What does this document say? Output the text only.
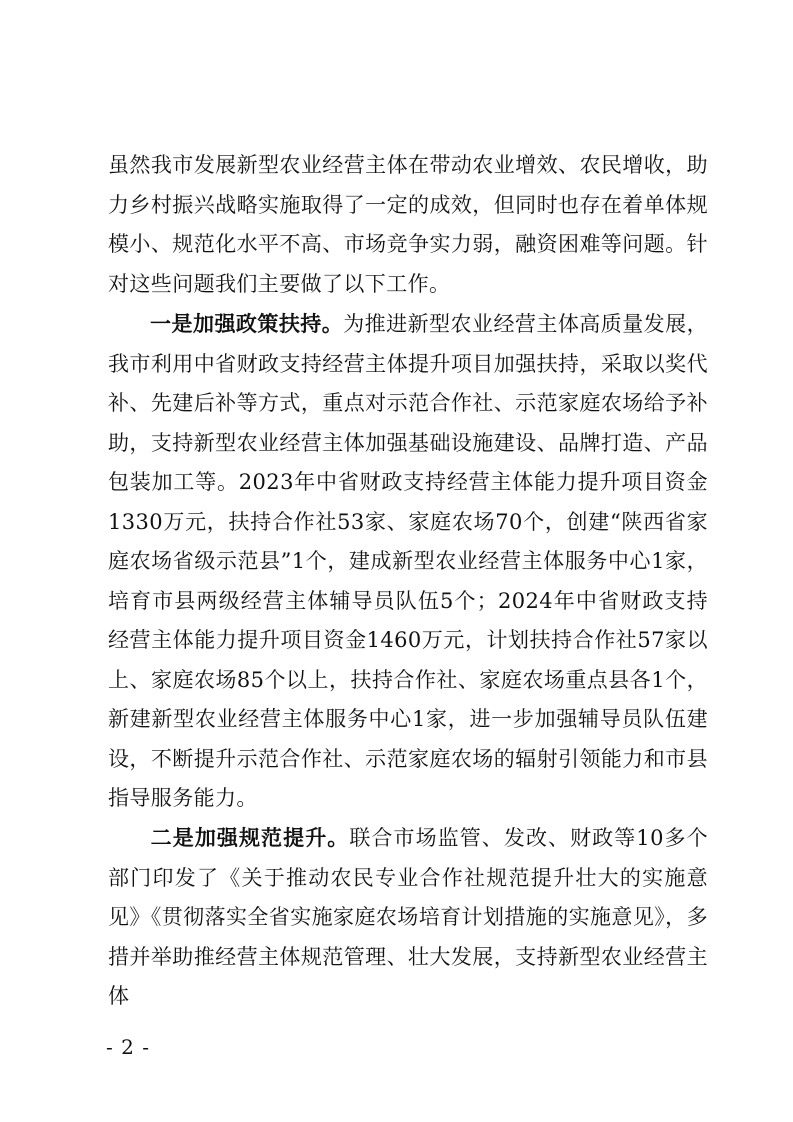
虽然我市发展新型农业经营主体在带动农业增效、农民增收，助力乡村振兴战略实施取得了一定的成效，但同时也存在着单体规模小、规范化水平不高、市场竞争实力弱，融资困难等问题。针对这些问题我们主要做了以下工作。

一是加强政策扶持。为推进新型农业经营主体高质量发展，我市利用中省财政支持经营主体提升项目加强扶持，采取以奖代补、先建后补等方式，重点对示范合作社、示范家庭农场给予补助，支持新型农业经营主体加强基础设施建设、品牌打造、产品包装加工等。2023年中省财政支持经营主体能力提升项目资金1330万元，扶持合作社53家、家庭农场70个，创建“陕西省家庭农场省级示范县”1个，建成新型农业经营主体服务中心1家，培育市县两级经营主体辅导员队伍5个；2024年中省财政支持经营主体能力提升项目资金1460万元，计划扶持合作社57家以上、家庭农场85个以上，扶持合作社、家庭农场重点县各1个，新建新型农业经营主体服务中心1家，进一步加强辅导员队伍建设，不断提升示范合作社、示范家庭农场的辐射引领能力和市县指导服务能力。

二是加强规范提升。联合市场监管、发改、财政等10多个部门印发了《关于推动农民专业合作社规范提升壮大的实施意见》《贯彻落实全省实施家庭农场培育计划措施的实施意见》，多措并举助推经营主体规范管理、壮大发展，支持新型农业经营主体

- 2 -
